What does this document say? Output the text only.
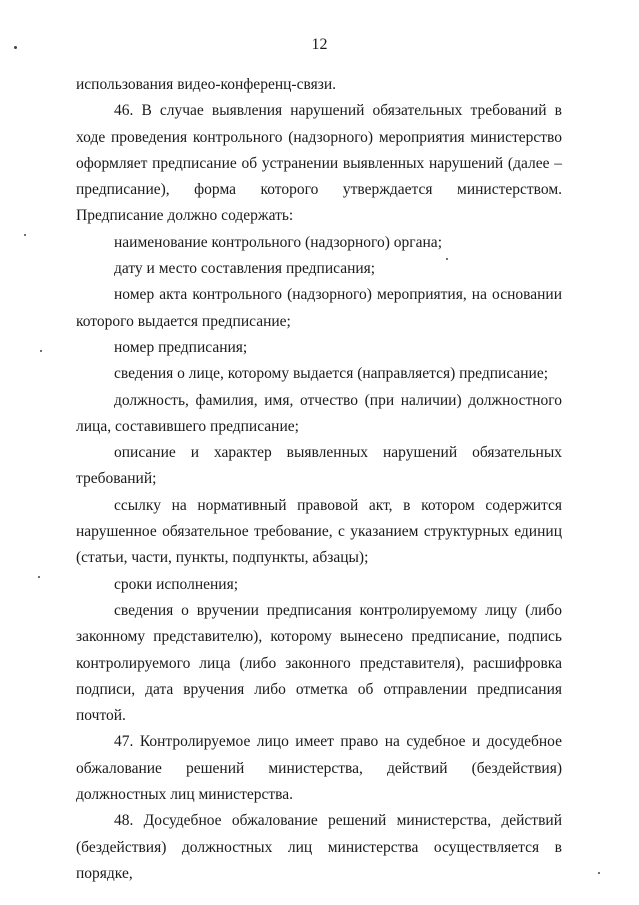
12

использования видео-конференц-связи.

46. В случае выявления нарушений обязательных требований в ходе проведения контрольного (надзорного) мероприятия министерство оформляет предписание об устранении выявленных нарушений (далее – предписание), форма которого утверждается министерством. Предписание должно содержать:

наименование контрольного (надзорного) органа;

дату и место составления предписания;

номер акта контрольного (надзорного) мероприятия, на основании которого выдается предписание;

номер предписания;

сведения о лице, которому выдается (направляется) предписание;

должность, фамилия, имя, отчество (при наличии) должностного лица, составившего предписание;

описание и характер выявленных нарушений обязательных требований;

ссылку на нормативный правовой акт, в котором содержится нарушенное обязательное требование, с указанием структурных единиц (статьи, части, пункты, подпункты, абзацы);

сроки исполнения;

сведения о вручении предписания контролируемому лицу (либо законному представителю), которому вынесено предписание, подпись контролируемого лица (либо законного представителя), расшифровка подписи, дата вручения либо отметка об отправлении предписания почтой.

47. Контролируемое лицо имеет право на судебное и досудебное обжалование решений министерства, действий (бездействия) должностных лиц министерства.

48. Досудебное обжалование решений министерства, действий (бездействия) должностных лиц министерства осуществляется в порядке,
